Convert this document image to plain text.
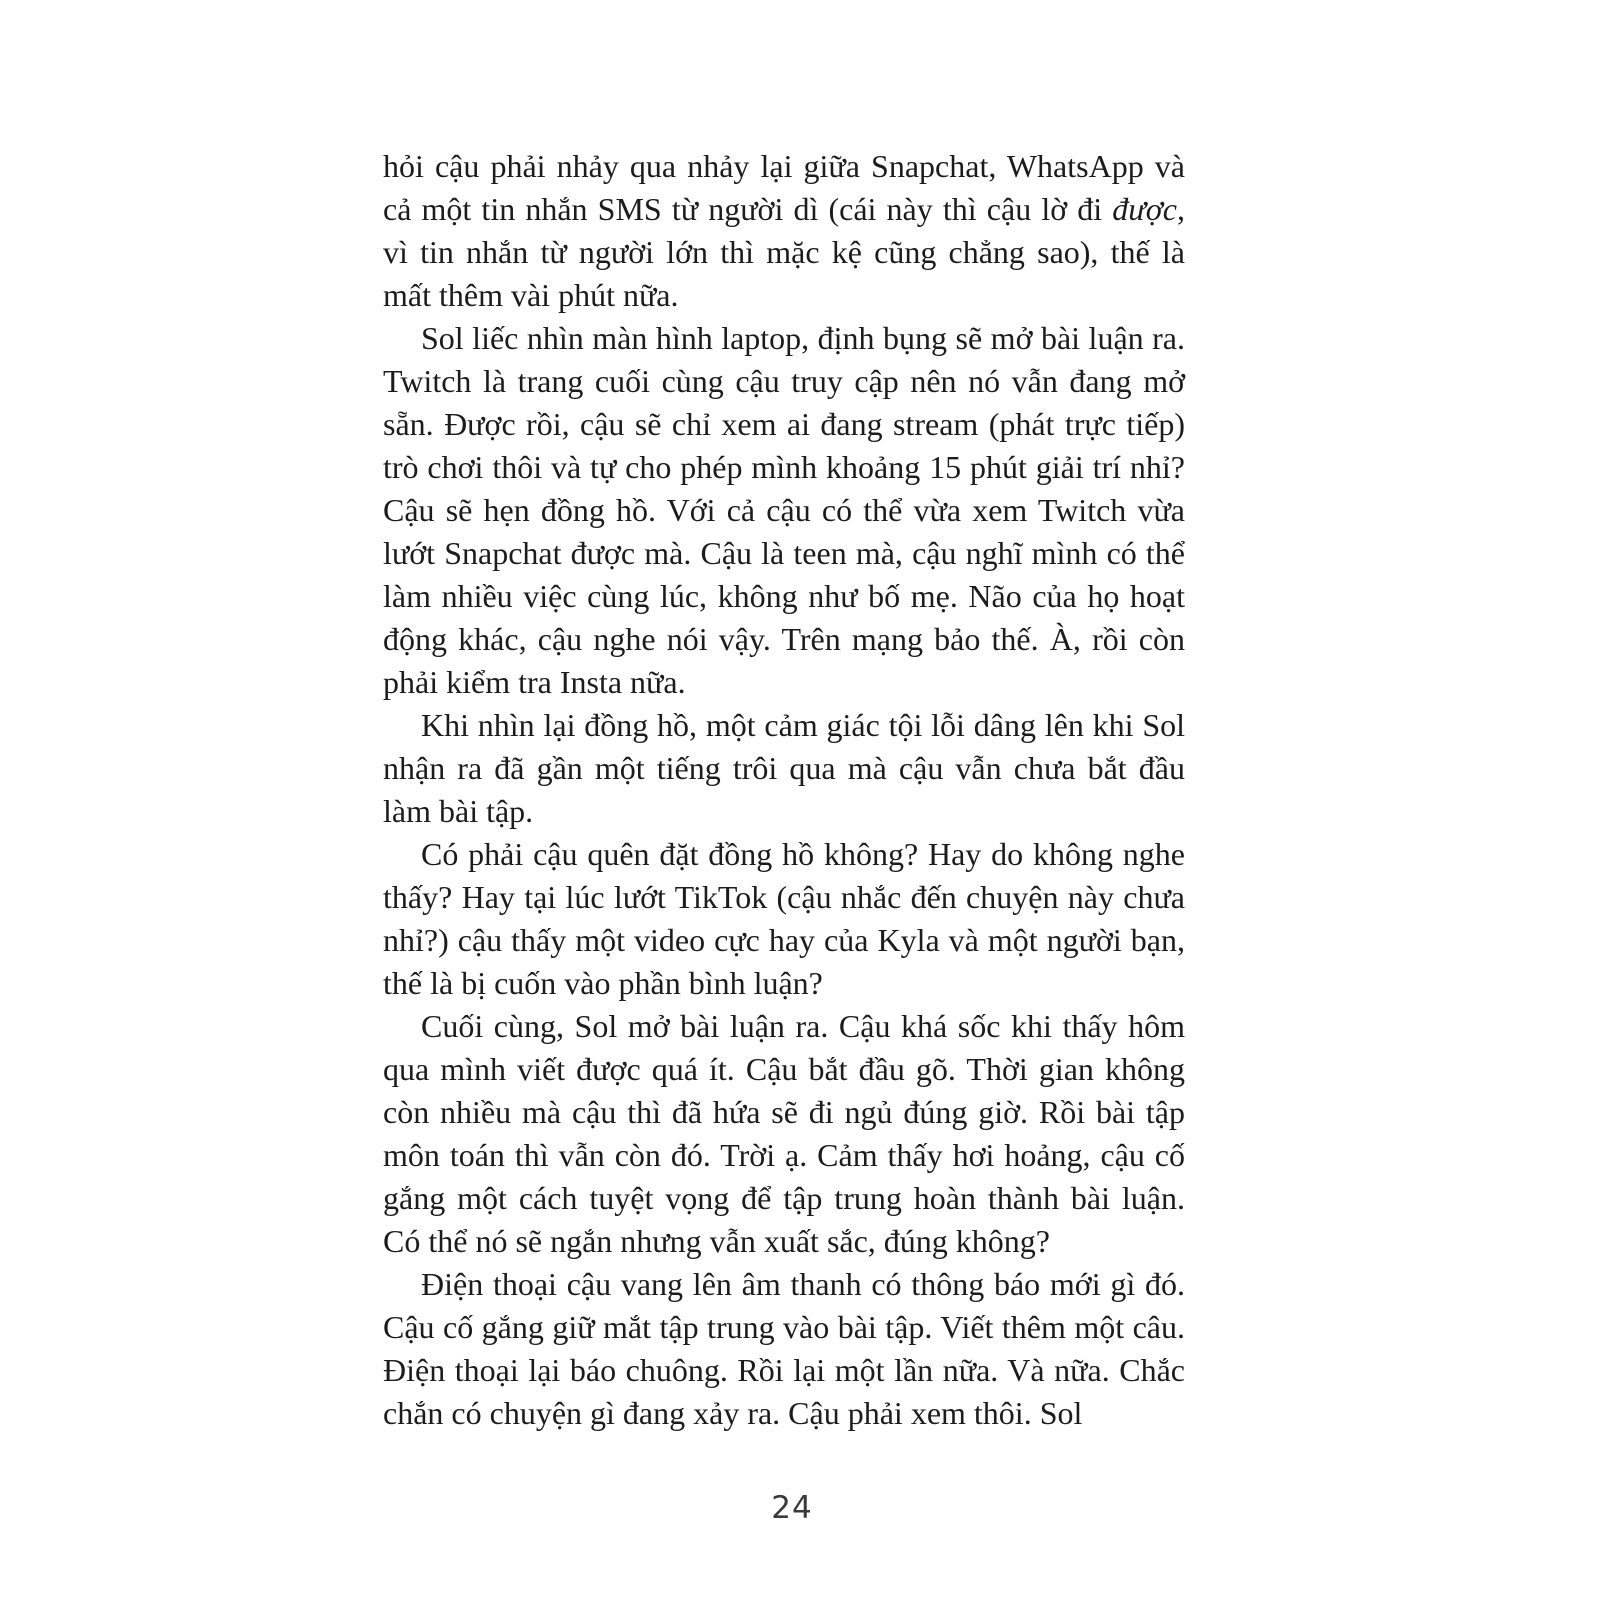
hỏi cậu phải nhảy qua nhảy lại giữa Snapchat, WhatsApp và cả một tin nhắn SMS từ người dì (cái này thì cậu lờ đi được, vì tin nhắn từ người lớn thì mặc kệ cũng chẳng sao), thế là mất thêm vài phút nữa.

Sol liếc nhìn màn hình laptop, định bụng sẽ mở bài luận ra. Twitch là trang cuối cùng cậu truy cập nên nó vẫn đang mở sẵn. Được rồi, cậu sẽ chỉ xem ai đang stream (phát trực tiếp) trò chơi thôi và tự cho phép mình khoảng 15 phút giải trí nhỉ? Cậu sẽ hẹn đồng hồ. Với cả cậu có thể vừa xem Twitch vừa lướt Snapchat được mà. Cậu là teen mà, cậu nghĩ mình có thể làm nhiều việc cùng lúc, không như bố mẹ. Não của họ hoạt động khác, cậu nghe nói vậy. Trên mạng bảo thế. À, rồi còn phải kiểm tra Insta nữa.

Khi nhìn lại đồng hồ, một cảm giác tội lỗi dâng lên khi Sol nhận ra đã gần một tiếng trôi qua mà cậu vẫn chưa bắt đầu làm bài tập.

Có phải cậu quên đặt đồng hồ không? Hay do không nghe thấy? Hay tại lúc lướt TikTok (cậu nhắc đến chuyện này chưa nhỉ?) cậu thấy một video cực hay của Kyla và một người bạn, thế là bị cuốn vào phần bình luận?

Cuối cùng, Sol mở bài luận ra. Cậu khá sốc khi thấy hôm qua mình viết được quá ít. Cậu bắt đầu gõ. Thời gian không còn nhiều mà cậu thì đã hứa sẽ đi ngủ đúng giờ. Rồi bài tập môn toán thì vẫn còn đó. Trời ạ. Cảm thấy hơi hoảng, cậu cố gắng một cách tuyệt vọng để tập trung hoàn thành bài luận. Có thể nó sẽ ngắn nhưng vẫn xuất sắc, đúng không?

Điện thoại cậu vang lên âm thanh có thông báo mới gì đó. Cậu cố gắng giữ mắt tập trung vào bài tập. Viết thêm một câu. Điện thoại lại báo chuông. Rồi lại một lần nữa. Và nữa. Chắc chắn có chuyện gì đang xảy ra. Cậu phải xem thôi. Sol

24
